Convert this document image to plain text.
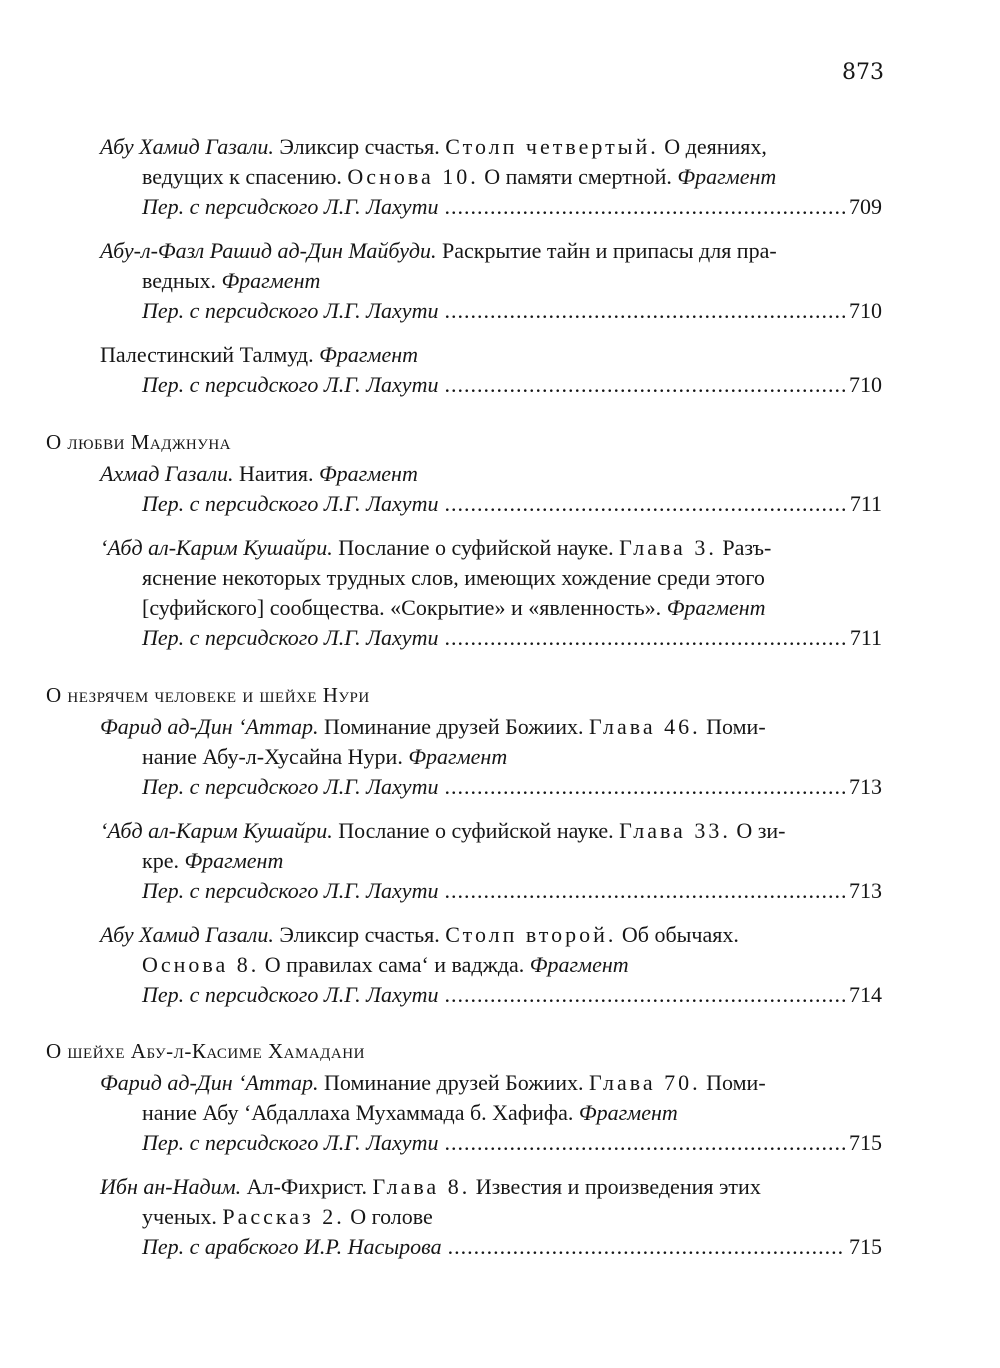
873
Абу Хамид Газали. Эликсир счастья. Столп четвертый. О деяниях,
ведущих к спасению. Основа 10. О памяти смертной. Фрагмент
Пер. с персидского Л.Г. Лахути .....	709
Абу-л-Фазл Рашид ад-Дин Майбуди. Раскрытие тайн и припасы для пра-
ведных. Фрагмент
Пер. с персидского Л.Г. Лахути .....	710
Палестинский Талмуд. Фрагмент
Пер. с персидского Л.Г. Лахути .....	710
О любви Маджнуна
Ахмад Газали. Наития. Фрагмент
Пер. с персидского Л.Г. Лахути .....	711
‘Абд ал-Карим Кушайри. Послание о суфийской науке. Глава 3. Разъ-
яснение некоторых трудных слов, имеющих хождение среди этого
[суфийского] сообщества. «Сокрытие» и «явленность». Фрагмент
Пер. с персидского Л.Г. Лахути .....	711
О незрячем человеке и шейхе Нури
Фарид ад-Дин ‘Аттар. Поминание друзей Божиих. Глава 46. Поми-
нание Абу-л-Хусайна Нури. Фрагмент
Пер. с персидского Л.Г. Лахути .....	713
‘Абд ал-Карим Кушайри. Послание о суфийской науке. Глава 33. О зи-
кре. Фрагмент
Пер. с персидского Л.Г. Лахути .....	713
Абу Хамид Газали. Эликсир счастья. Столп второй. Об обычаях.
Основа 8. О правилах сама‘ и ваджда. Фрагмент
Пер. с персидского Л.Г. Лахути .....	714
О шейхе Абу-л-Касиме Хамадани
Фарид ад-Дин ‘Аттар. Поминание друзей Божиих. Глава 70. Поми-
нание Абу ‘Абдаллаха Мухаммада б. Хафифа. Фрагмент
Пер. с персидского Л.Г. Лахути .....	715
Ибн ан-Надим. Ал-Фихрист. Глава 8. Известия и произведения этих
ученых. Рассказ 2. О голове
Пер. с арабского И.Р. Насырова .....	715
